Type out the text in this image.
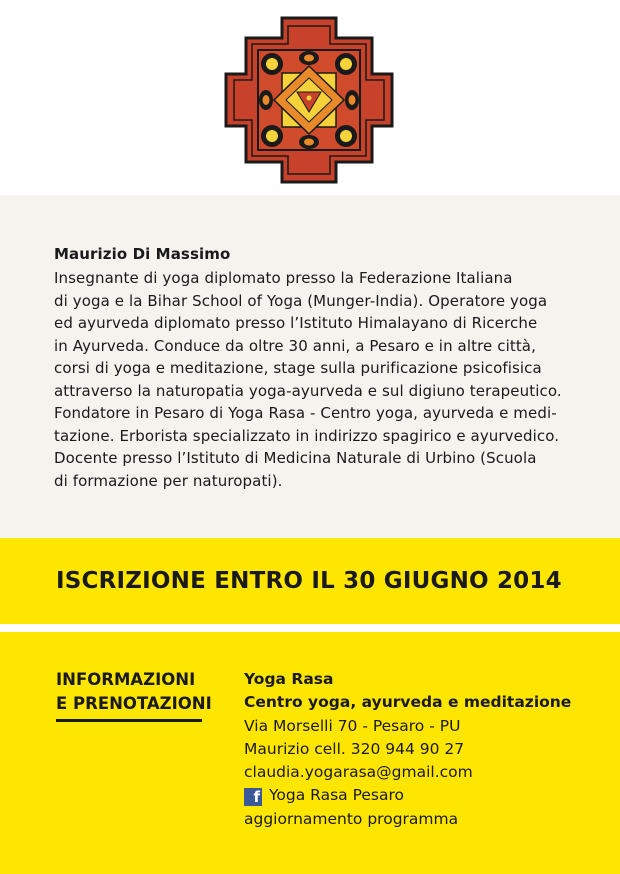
Maurizio Di Massimo
Insegnante di yoga diplomato presso la Federazione Italiana
di yoga e la Bihar School of Yoga (Munger-India). Operatore yoga
ed ayurveda diplomato presso l’Istituto Himalayano di Ricerche
in Ayurveda. Conduce da oltre 30 anni, a Pesaro e in altre città,
corsi di yoga e meditazione, stage sulla purificazione psicofisica
attraverso la naturopatia yoga-ayurveda e sul digiuno terapeutico.
Fondatore in Pesaro di Yoga Rasa - Centro yoga, ayurveda e medi-
tazione. Erborista specializzato in indirizzo spagirico e ayurvedico.
Docente presso l’Istituto di Medicina Naturale di Urbino (Scuola
di formazione per naturopati).
ISCRIZIONE ENTRO IL 30 GIUGNO 2014
INFORMAZIONI
E PRENOTAZIONI
Yoga Rasa
Centro yoga, ayurveda e meditazione
Via Morselli 70 - Pesaro - PU
Maurizio cell. 320 944 90 27
claudia.yogarasa@gmail.com
f Yoga Rasa Pesaro
aggiornamento programma
